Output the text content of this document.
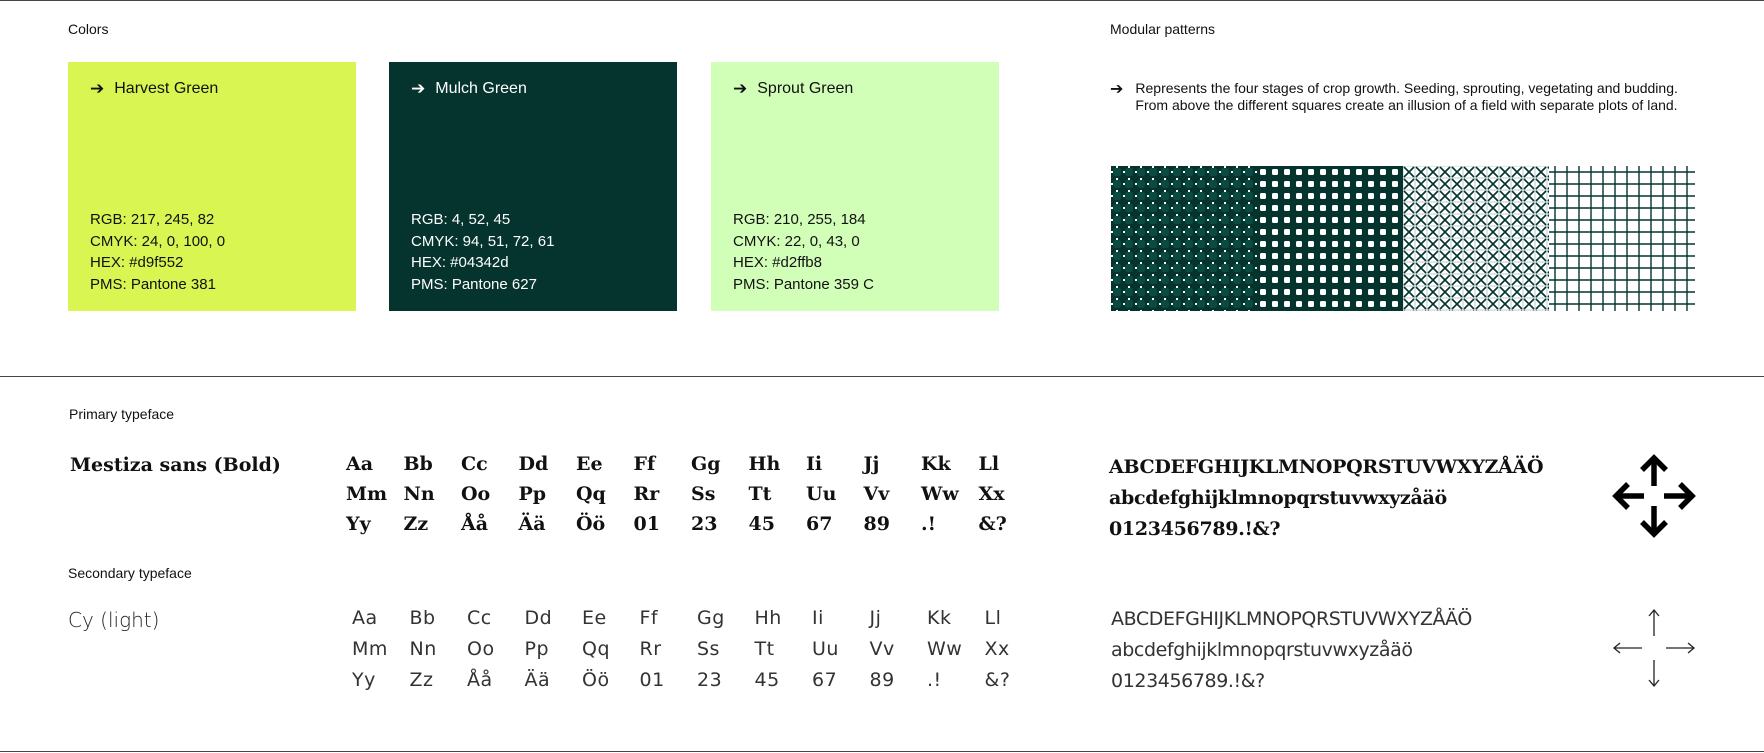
Colors
➔ Harvest Green
RGB: 217, 245, 82
CMYK: 24, 0, 100, 0
HEX: #d9f552
PMS: Pantone 381
➔ Mulch Green
RGB: 4, 52, 45
CMYK: 94, 51, 72, 61
HEX: #04342d
PMS: Pantone 627
➔ Sprout Green
RGB: 210, 255, 184
CMYK: 22, 0, 43, 0
HEX: #d2ffb8
PMS: Pantone 359 C
Modular patterns
➔ Represents the four stages of crop growth. Seeding, sprouting, vegetating and budding.
From above the different squares create an illusion of a field with separate plots of land.
Primary typeface
Mestiza sans (Bold)	Aa	Bb	Cc	Dd	Ee	Ff	Gg	Hh	Ii	Jj	Kk	Ll
Mm Nn	Oo	Pp	Qq	Rr	Ss	Tt	Uu	Vv	Ww	Xx
Yy	Zz	Åå	Ää	Öö	01	23	45	67	89	.!	&?
ABCDEFGHIJKLMNOPQRSTUVWXYZÅÄÖ
abcdefghijklmnopqrstuvwxyzåäö
0123456789.!&?
Secondary typeface
Cy (light)	Aa	Bb	Cc	Dd	Ee	Ff	Gg	Hh	Ii	Jj	Kk	Ll
Mm	Nn	Oo	Pp	Qq	Rr	Ss	Tt	Uu	Vv	Ww	Xx
Yy	Zz	Åå	Ää	Öö	01	23	45	67	89	.!	&?
ABCDEFGHIJKLMNOPQRSTUVWXYZÅÄÖ
abcdefghijklmnopqrstuvwxyzåäö
0123456789.!&?
